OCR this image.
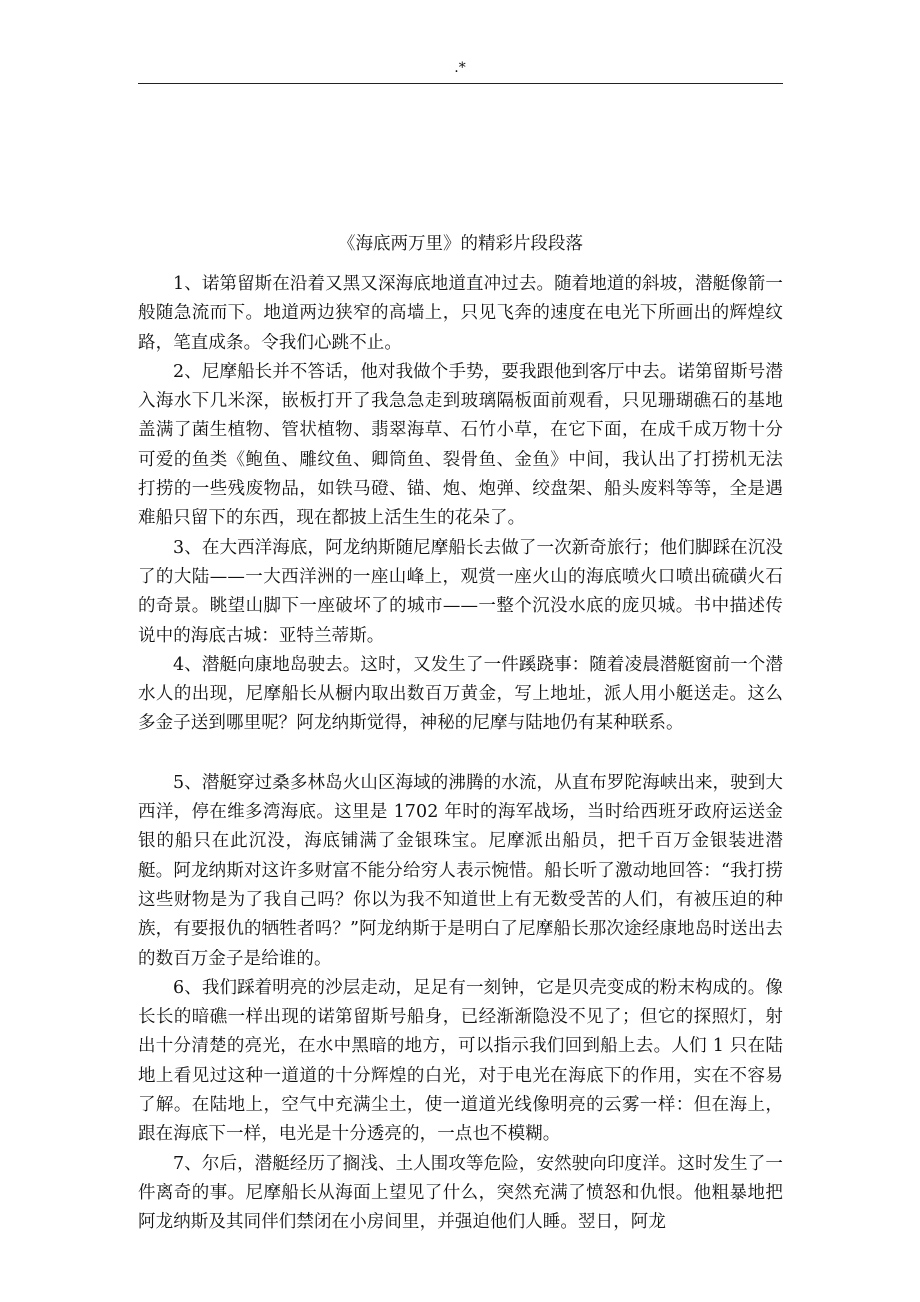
.*
《海底两万里》的精彩片段段落

1、诺第留斯在沿着又黑又深海底地道直冲过去。随着地道的斜坡，潜艇像箭一般随急流而下。地道两边狭窄的高墙上，只见飞奔的速度在电光下所画出的辉煌纹路，笔直成条。令我们心跳不止。

2、尼摩船长并不答话，他对我做个手势，要我跟他到客厅中去。诺第留斯号潜入海水下几米深，嵌板打开了我急急走到玻璃隔板面前观看，只见珊瑚礁石的基地盖满了菌生植物、管状植物、翡翠海草、石竹小草，在它下面，在成千成万物十分可爱的鱼类《鲍鱼、雕纹鱼、卿筒鱼、裂骨鱼、金鱼》中间，我认出了打捞机无法打捞的一些残废物品，如铁马磴、锚、炮、炮弹、绞盘架、船头废料等等，全是遇难船只留下的东西，现在都披上活生生的花朵了。

3、在大西洋海底，阿龙纳斯随尼摩船长去做了一次新奇旅行；他们脚踩在沉没了的大陆——一大西洋洲的一座山峰上，观赏一座火山的海底喷火口喷出硫磺火石的奇景。眺望山脚下一座破坏了的城市——一整个沉没水底的庞贝城。书中描述传说中的海底古城：亚特兰蒂斯。

4、潜艇向康地岛驶去。这时，又发生了一件蹊跷事：随着凌晨潜艇窗前一个潜水人的出现，尼摩船长从橱内取出数百万黄金，写上地址，派人用小艇送走。这么多金子送到哪里呢？阿龙纳斯觉得，神秘的尼摩与陆地仍有某种联系。

5、潜艇穿过桑多林岛火山区海域的沸腾的水流，从直布罗陀海峡出来，驶到大西洋，停在维多湾海底。这里是 1702 年时的海军战场，当时给西班牙政府运送金银的船只在此沉没，海底铺满了金银珠宝。尼摩派出船员，把千百万金银装进潜艇。阿龙纳斯对这许多财富不能分给穷人表示惋惜。船长听了激动地回答：“我打捞这些财物是为了我自己吗？你以为我不知道世上有无数受苦的人们，有被压迫的种族，有要报仇的牺牲者吗？”阿龙纳斯于是明白了尼摩船长那次途经康地岛时送出去的数百万金子是给谁的。

6、我们踩着明亮的沙层走动，足足有一刻钟，它是贝壳变成的粉末构成的。像长长的暗礁一样出现的诺第留斯号船身，已经渐渐隐没不见了；但它的探照灯，射出十分清楚的亮光，在水中黑暗的地方，可以指示我们回到船上去。人们 1 只在陆地上看见过这种一道道的十分辉煌的白光，对于电光在海底下的作用，实在不容易了解。在陆地上，空气中充满尘土，使一道道光线像明亮的云雾一样：但在海上，跟在海底下一样，电光是十分透亮的，一点也不模糊。

7、尔后，潜艇经历了搁浅、土人围攻等危险，安然驶向印度洋。这时发生了一件离奇的事。尼摩船长从海面上望见了什么，突然充满了愤怒和仇恨。他粗暴地把阿龙纳斯及其同伴们禁闭在小房间里，并强迫他们人睡。翌日，阿龙
